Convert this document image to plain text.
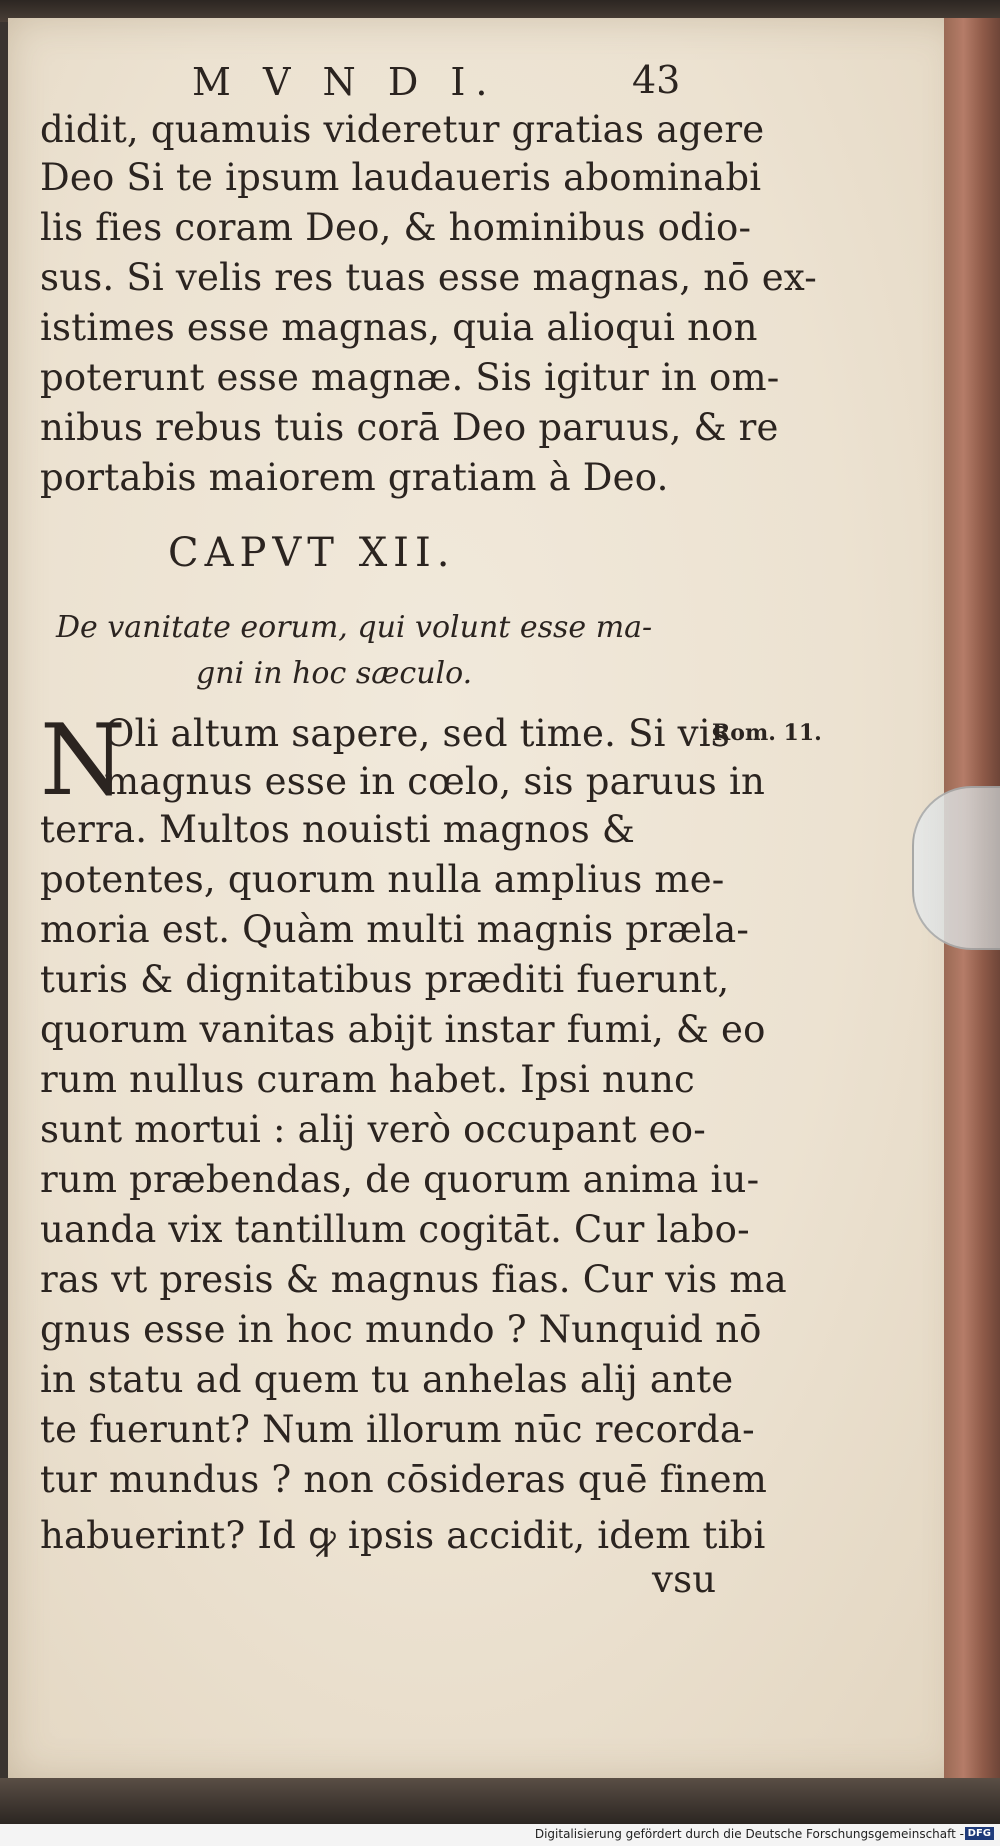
M V N D I.	43
didit, quamuis videretur gratias agere
Deo Si te ipsum laudaueris abominabi
lis fies coram Deo, & hominibus odio-
sus. Si velis res tuas esse magnas, nō ex-
istimes esse magnas, quia alioqui non
poterunt esse magnæ. Sis igitur in om-
nibus rebus tuis corā Deo paruus, & re
portabis maiorem gratiam à Deo.
CAPVT XII.
De vanitate eorum, qui volunt esse ma-
gni in hoc sæculo.
N	Rom. 11.
Oli altum sapere, sed time. Si vis
magnus esse in cœlo, sis paruus in
terra. Multos nouisti magnos &
potentes, quorum nulla amplius me-
moria est. Quàm multi magnis præla-
turis & dignitatibus præditi fuerunt,
quorum vanitas abijt instar fumi, & eo
rum nullus curam habet. Ipsi nunc
sunt mortui : alij verò occupant eo-
rum præbendas, de quorum anima iu-
uanda vix tantillum cogitāt. Cur labo-
ras vt presis & magnus fias. Cur vis ma
gnus esse in hoc mundo ? Nunquid nō
in statu ad quem tu anhelas alij ante
te fuerunt? Num illorum nūc recorda-
tur mundus ? non cōsideras quē finem
habuerint? Id ꝙ ipsis accidit, idem tibi
vsu
Digitalisierung gefördert durch die Deutsche Forschungsgemeinschaft - DFG
